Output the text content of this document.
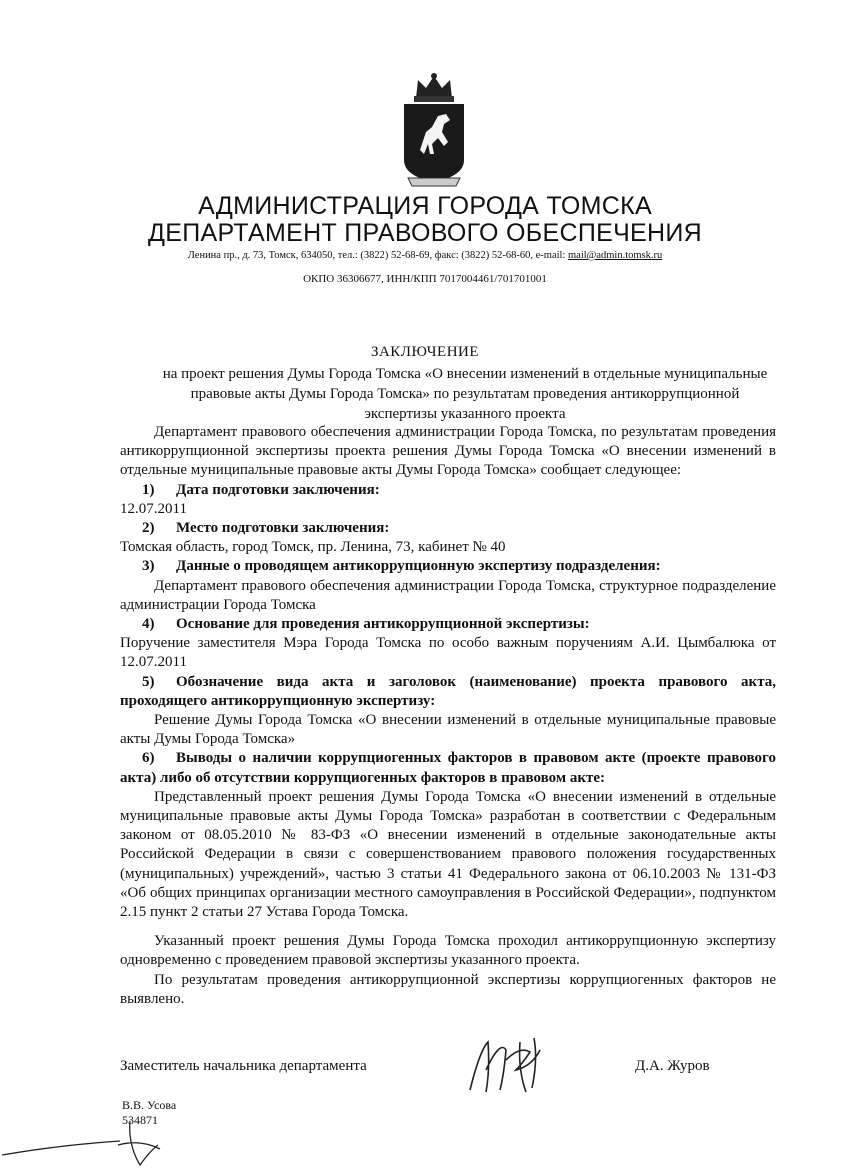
АДМИНИСТРАЦИЯ ГОРОДА ТОМСКА
ДЕПАРТАМЕНТ ПРАВОВОГО ОБЕСПЕЧЕНИЯ
Ленина пр., д. 73, Томск, 634050, тел.: (3822) 52-68-69, факс: (3822) 52-68-60, e-mail: mail@admin.tomsk.ru
ОКПО 36306677, ИНН/КПП 7017004461/701701001
ЗАКЛЮЧЕНИЕ
на проект решения Думы Города Томска «О внесении изменений в отдельные муниципальные правовые акты Думы Города Томска» по результатам проведения антикоррупционной экспертизы указанного проекта

Департамент правового обеспечения администрации Города Томска, по результатам проведения антикоррупционной экспертизы проекта решения Думы Города Томска «О внесении изменений в отдельные муниципальные правовые акты Думы Города Томска» сообщает следующее:

1) Дата подготовки заключения:

12.07.2011

2) Место подготовки заключения:

Томская область, город Томск, пр. Ленина, 73, кабинет № 40

3) Данные о проводящем антикоррупционную экспертизу подразделения:

Департамент правового обеспечения администрации Города Томска, структурное подразделение администрации Города Томска

4) Основание для проведения антикоррупционной экспертизы:

Поручение заместителя Мэра Города Томска по особо важным поручениям А.И. Цымбалюка от 12.07.2011

5) Обозначение вида акта и заголовок (наименование) проекта правового акта, проходящего антикоррупционную экспертизу:

Решение Думы Города Томска «О внесении изменений в отдельные муниципальные правовые акты Думы Города Томска»

6) Выводы о наличии коррупциогенных факторов в правовом акте (проекте правового акта) либо об отсутствии коррупциогенных факторов в правовом акте:

Представленный проект решения Думы Города Томска «О внесении изменений в отдельные муниципальные правовые акты Думы Города Томска» разработан в соответствии с Федеральным законом от 08.05.2010 № 83-ФЗ «О внесении изменений в отдельные законодательные акты Российской Федерации в связи с совершенствованием правового положения государственных (муниципальных) учреждений», частью 3 статьи 41 Федерального закона от 06.10.2003 № 131-ФЗ «Об общих принципах организации местного самоуправления в Российской Федерации», подпунктом 2.15 пункт 2 статьи 27 Устава Города Томска.

Указанный проект решения Думы Города Томска проходил антикоррупционную экспертизу одновременно с проведением правовой экспертизы указанного проекта.

По результатам проведения антикоррупционной экспертизы коррупциогенных факторов не выявлено.

Заместитель начальника департамента	Д.А. Журов
В.В. Усова
534871
